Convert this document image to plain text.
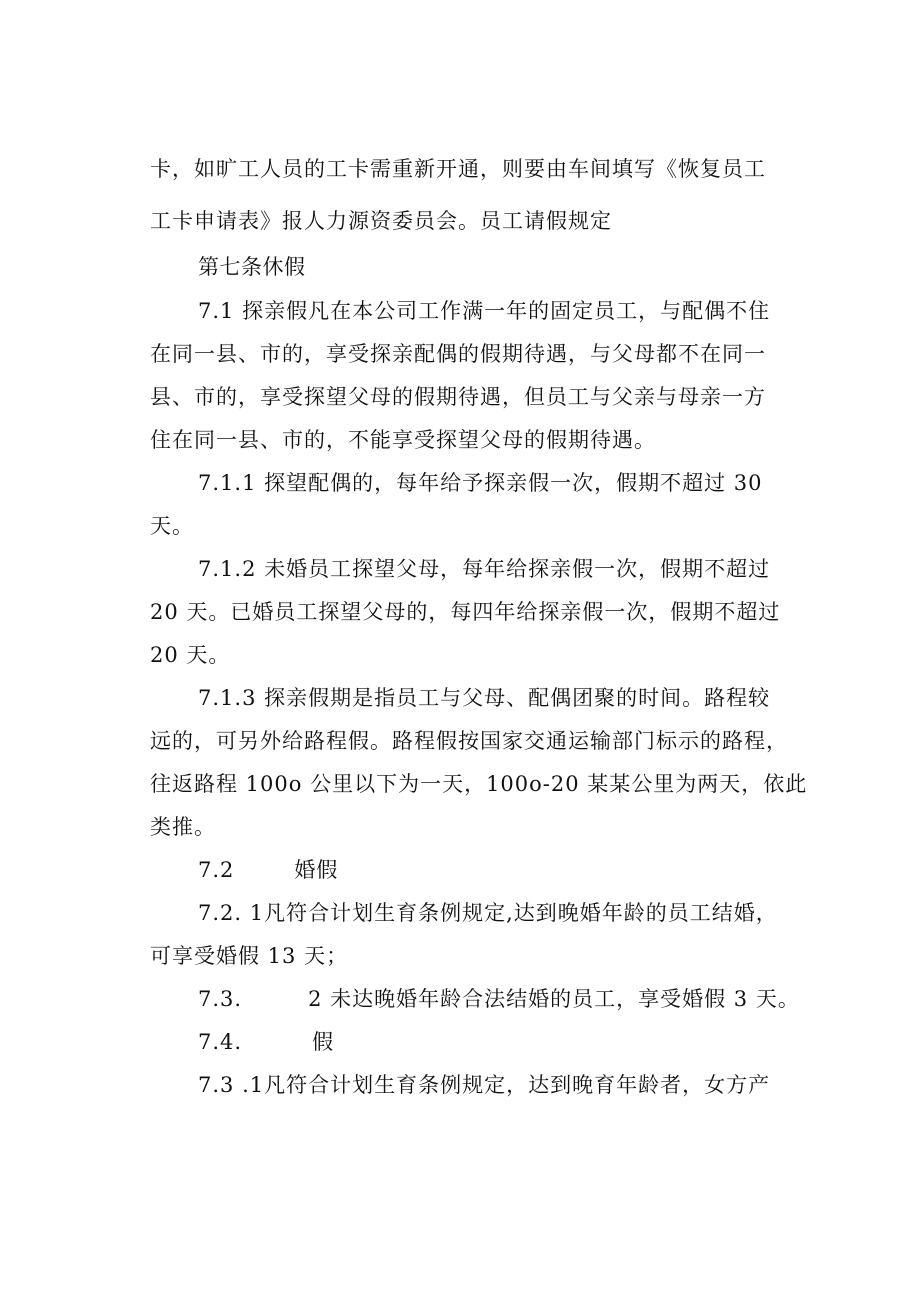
卡，如旷工人员的工卡需重新开通，则要由车间填写《恢复员工
工卡申请表》报人力源资委员会。员工请假规定
第七条休假
7.1 探亲假凡在本公司工作满一年的固定员工，与配偶不住
在同一县、市的，享受探亲配偶的假期待遇，与父母都不在同一
县、市的，享受探望父母的假期待遇，但员工与父亲与母亲一方
住在同一县、市的，不能享受探望父母的假期待遇。
7.1.1 探望配偶的，每年给予探亲假一次，假期不超过 30
天。
7.1.2 未婚员工探望父母，每年给探亲假一次，假期不超过
20 天。已婚员工探望父母的，每四年给探亲假一次，假期不超过
20 天。
7.1.3 探亲假期是指员工与父母、配偶团聚的时间。路程较
远的，可另外给路程假。路程假按国家交通运输部门标示的路程，
往返路程 100o 公里以下为一天，100o-20 某某公里为两天，依此
类推。
7.2	婚假
7.2. 1凡符合计划生育条例规定,达到晚婚年龄的员工结婚，
可享受婚假 13 天；
7.3.	2 未达晚婚年龄合法结婚的员工，享受婚假 3 天。
7.4.	假
7.3 .1凡符合计划生育条例规定，达到晚育年龄者，女方产
